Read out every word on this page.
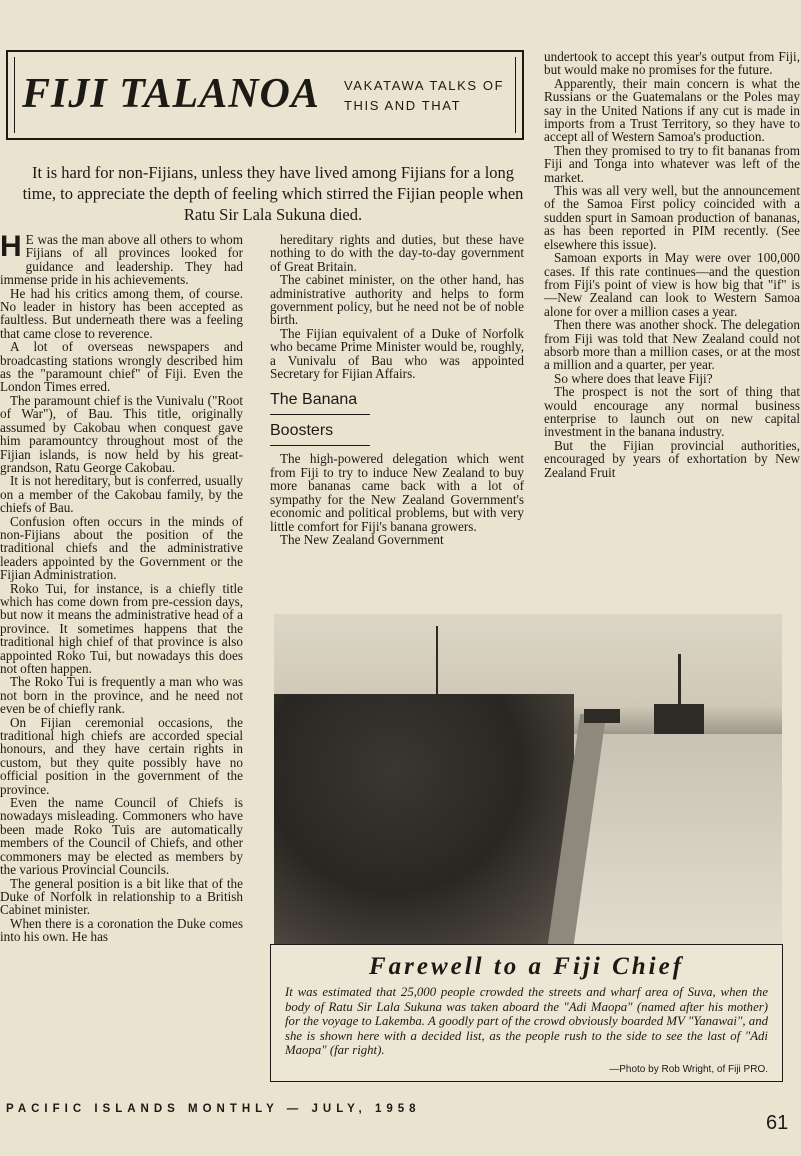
FIJI TALANOA VAKATAWA TALKS OF THIS AND THAT
It is hard for non-Fijians, unless they have lived among Fijians for a long time, to appreciate the depth of feeling which stirred the Fijian people when Ratu Sir Lala Sukuna died.

H E was the man above all others to whom Fijians of all provinces looked for guidance and leadership. They had immense pride in his achievements.

He had his critics among them, of course. No leader in history has been accepted as faultless. But underneath there was a feeling that came close to reverence.

A lot of overseas newspapers and broadcasting stations wrongly described him as the "paramount chief" of Fiji. Even the London Times erred.

The paramount chief is the Vunivalu ("Root of War"), of Bau. This title, originally assumed by Cakobau when conquest gave him paramountcy throughout most of the Fijian islands, is now held by his great-grandson, Ratu George Cakobau.

It is not hereditary, but is conferred, usually on a member of the Cakobau family, by the chiefs of Bau.

Confusion often occurs in the minds of non-Fijians about the position of the traditional chiefs and the administrative leaders appointed by the Government or the Fijian Administration.

Roko Tui, for instance, is a chiefly title which has come down from pre-cession days, but now it means the administrative head of a province. It sometimes happens that the traditional high chief of that province is also appointed Roko Tui, but nowadays this does not often happen.

The Roko Tui is frequently a man who was not born in the province, and he need not even be of chiefly rank.

On Fijian ceremonial occasions, the traditional high chiefs are accorded special honours, and they have certain rights in custom, but they quite possibly have no official position in the government of the province.

Even the name Council of Chiefs is nowadays misleading. Commoners who have been made Roko Tuis are automatically members of the Council of Chiefs, and other commoners may be elected as members by the various Provincial Councils.

The general position is a bit like that of the Duke of Norfolk in relationship to a British Cabinet minister.

When there is a coronation the Duke comes into his own. He has

hereditary rights and duties, but these have nothing to do with the day-to-day government of Great Britain.

The cabinet minister, on the other hand, has administrative authority and helps to form government policy, but he need not be of noble birth.

The Fijian equivalent of a Duke of Norfolk who became Prime Minister would be, roughly, a Vunivalu of Bau who was appointed Secretary for Fijian Affairs.

The Banana
Boosters

The high-powered delegation which went from Fiji to try to induce New Zealand to buy more bananas came back with a lot of sympathy for the New Zealand Government's economic and political problems, but with very little comfort for Fiji's banana growers.

The New Zealand Government

undertook to accept this year's output from Fiji, but would make no promises for the future.

Apparently, their main concern is what the Russians or the Guatemalans or the Poles may say in the United Nations if any cut is made in imports from a Trust Territory, so they have to accept all of Western Samoa's production.

Then they promised to try to fit bananas from Fiji and Tonga into whatever was left of the market.

This was all very well, but the announcement of the Samoa First policy coincided with a sudden spurt in Samoan production of bananas, as has been reported in PIM recently. (See elsewhere this issue).

Samoan exports in May were over 100,000 cases. If this rate continues—and the question from Fiji's point of view is how big that "if" is—New Zealand can look to Western Samoa alone for over a million cases a year.

Then there was another shock. The delegation from Fiji was told that New Zealand could not absorb more than a million cases, or at the most a million and a quarter, per year.

So where does that leave Fiji?

The prospect is not the sort of thing that would encourage any normal business enterprise to launch out on new capital investment in the banana industry.

But the Fijian provincial authorities, encouraged by years of exhortation by New Zealand Fruit

Farewell to a Fiji Chief
It was estimated that 25,000 people crowded the streets and wharf area of Suva, when the body of Ratu Sir Lala Sukuna was taken aboard the "Adi Maopa" (named after his mother) for the voyage to Lakemba. A goodly part of the crowd obviously boarded MV "Yanawai", and she is shown here with a decided list, as the people rush to the side to see the last of "Adi Maopa" (far right).
—Photo by Rob Wright, of Fiji PRO.
PACIFIC ISLANDS MONTHLY — JULY, 1958
61
